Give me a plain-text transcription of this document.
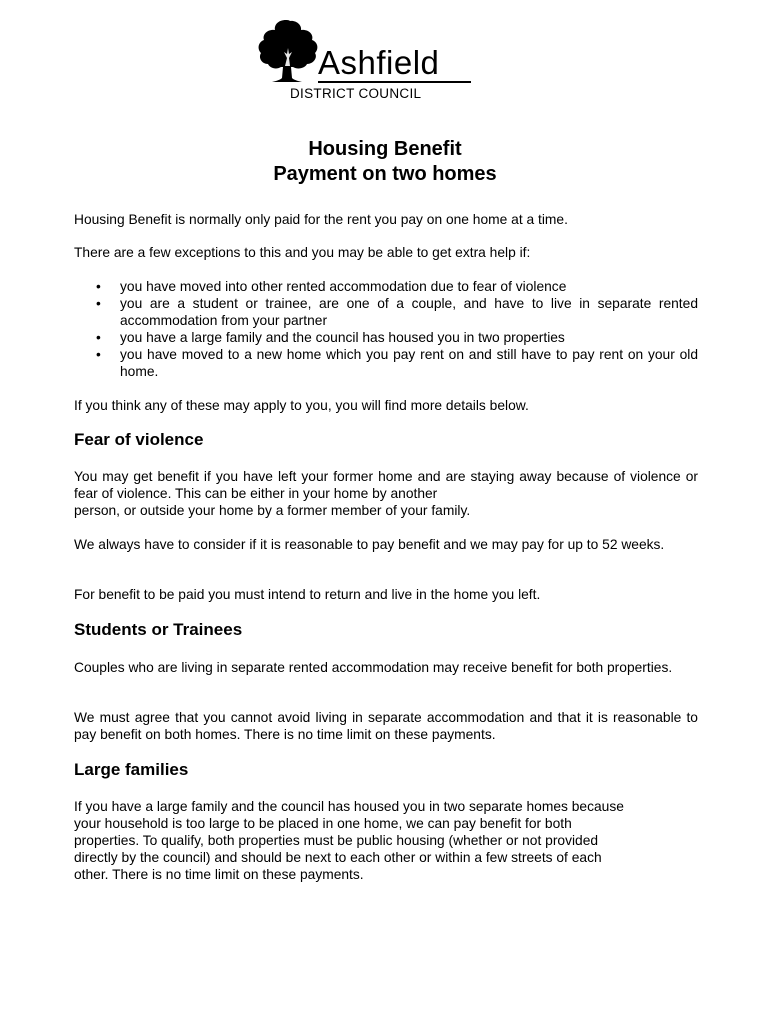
Ashfield
DISTRICT COUNCIL
Housing Benefit
Payment on two homes

Housing Benefit is normally only paid for the rent you pay on one home at a time.

There are a few exceptions to this and you may be able to get extra help if:

• you have moved into other rented accommodation due to fear of violence
• you are a student or trainee, are one of a couple, and have to live in separate rented accommodation from your partner
• you have a large family and the council has housed you in two properties
• you have moved to a new home which you pay rent on and still have to pay rent on your old home.

If you think any of these may apply to you, you will find more details below.

Fear of violence

You may get benefit if you have left your former home and are staying away because of violence or fear of violence. This can be either in your home by another
person, or outside your home by a former member of your family.

We always have to consider if it is reasonable to pay benefit and we may pay for up to 52 weeks.

For benefit to be paid you must intend to return and live in the home you left.

Students or Trainees

Couples who are living in separate rented accommodation may receive benefit for both properties.

We must agree that you cannot avoid living in separate accommodation and that it is reasonable to pay benefit on both homes. There is no time limit on these payments.

Large families

If you have a large family and the council has housed you in two separate homes because
your household is too large to be placed in one home, we can pay benefit for both
properties. To qualify, both properties must be public housing (whether or not provided
directly by the council) and should be next to each other or within a few streets of each
other. There is no time limit on these payments.
